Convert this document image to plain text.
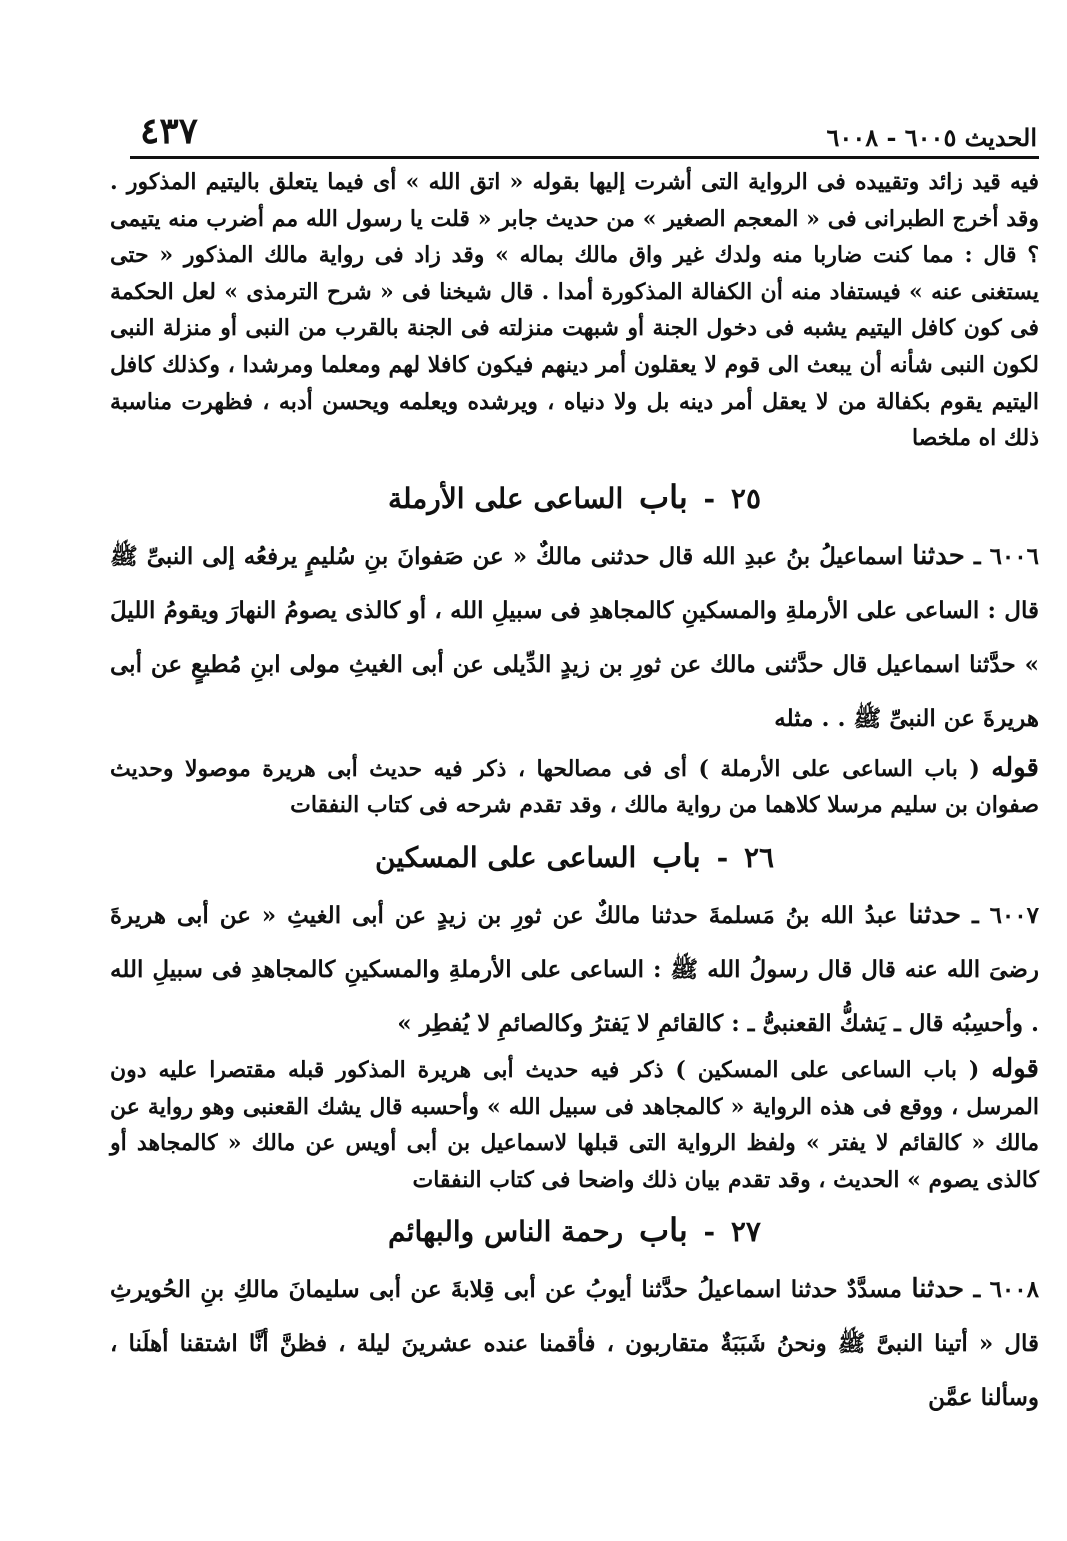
الحديث ٦٠٠٥ - ٦٠٠٨
٤٣٧

فيه قيد زائد وتقييده فى الرواية التى أشرت إليها بقوله « اتق الله » أى فيما يتعلق باليتيم المذكور . وقد أخرج الطبرانى فى « المعجم الصغير » من حديث جابر « قلت يا رسول الله مم أضرب منه يتيمى ؟ قال : مما كنت ضاربا منه ولدك غير واق مالك بماله » وقد زاد فى رواية مالك المذكور « حتى يستغنى عنه » فيستفاد منه أن الكفالة المذكورة أمدا . قال شيخنا فى « شرح الترمذى » لعل الحكمة فى كون كافل اليتيم يشبه فى دخول الجنة أو شبهت منزلته فى الجنة بالقرب من النبى أو منزلة النبى لكون النبى شأنه أن يبعث الى قوم لا يعقلون أمر دينهم فيكون كافلا لهم ومعلما ومرشدا ، وكذلك كافل اليتيم يقوم بكفالة من لا يعقل أمر دينه بل ولا دنياه ، ويرشده ويعلمه ويحسن أدبه ، فظهرت مناسبة ذلك اه ملخصا

٢٥ - باب الساعى على الأرملة

٦٠٠٦ ـ حدثنا اسماعيلُ بنُ عبدِ الله قال حدثنى مالكٌ « عن صَفوانَ بنِ سُليمٍ يرفعُه إلى النبىِّ ﷺ قال : الساعى على الأرملةِ والمسكينِ كالمجاهدِ فى سبيلِ الله ، أو كالذى يصومُ النهارَ ويقومُ الليلَ » حدَّثنا اسماعيل قال حدَّثنى مالك عن ثورِ بن زيدٍ الدِّيلى عن أبى الغيثِ مولى ابنِ مُطيعٍ عن أبى هريرةَ عن النبىِّ ﷺ . . مثله

قوله ( باب الساعى على الأرملة ) أى فى مصالحها ، ذكر فيه حديث أبى هريرة موصولا وحديث صفوان بن سليم مرسلا كلاهما من رواية مالك ، وقد تقدم شرحه فى كتاب النفقات

٢٦ - باب الساعى على المسكين

٦٠٠٧ ـ حدثنا عبدُ الله بنُ مَسلمةَ حدثنا مالكٌ عن ثورِ بن زيدٍ عن أبى الغيثِ « عن أبى هريرةَ رضىَ الله عنه قال قال رسولُ الله ﷺ : الساعى على الأرملةِ والمسكينِ كالمجاهدِ فى سبيلِ الله . وأحسِبُه قال ـ يَشكُّ القعنبىُّ ـ : كالقائمِ لا يَفترُ وكالصائمِ لا يُفطِر »

قوله ( باب الساعى على المسكين ) ذكر فيه حديث أبى هريرة المذكور قبله مقتصرا عليه دون المرسل ، ووقع فى هذه الرواية « كالمجاهد فى سبيل الله » وأحسبه قال يشك القعنبى وهو رواية عن مالك « كالقائم لا يفتر » ولفظ الرواية التى قبلها لاسماعيل بن أبى أويس عن مالك « كالمجاهد أو كالذى يصوم » الحديث ، وقد تقدم بيان ذلك واضحا فى كتاب النفقات

٢٧ - باب رحمة الناس والبهائم

٦٠٠٨ ـ حدثنا مسدَّدٌ حدثنا اسماعيلُ حدَّثنا أيوبُ عن أبى قِلابةَ عن أبى سليمانَ مالكِ بنِ الحُويرثِ قال « أتينا النبىَّ ﷺ ونحنُ شَبَبَةٌ متقاربون ، فأقمنا عنده عشرينَ ليلة ، فظنَّ أنَّا اشتقنا أهلَنا ، وسألنا عمَّن
